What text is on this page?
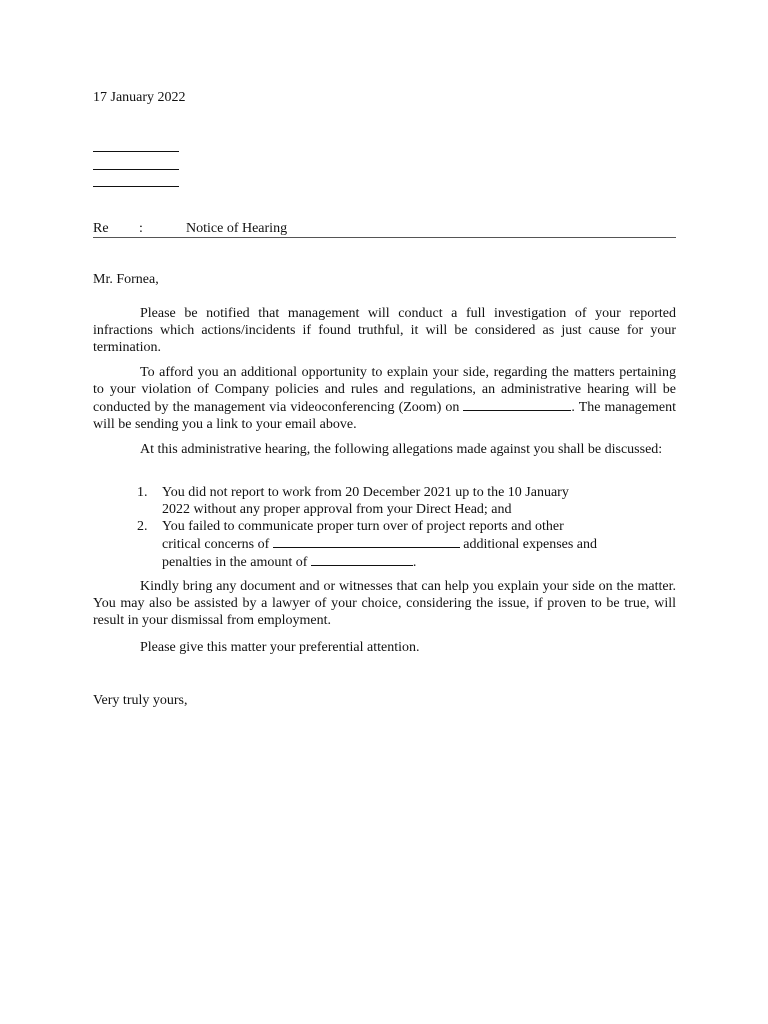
17 January 2022
Re :	Notice of Hearing
Mr. Fornea,
Please be notified that management will conduct a full investigation of your reported infractions which actions/incidents if found truthful, it will be considered as just cause for your termination.
To afford you an additional opportunity to explain your side, regarding the matters pertaining to your violation of Company policies and rules and regulations, an administrative hearing will be conducted by the management via videoconferencing (Zoom) on	. The management will be sending you a link to your email above.
At this administrative hearing, the following allegations made against you shall be discussed:
1. You did not report to work from 20 December 2021 up to the 10 January
2022 without any proper approval from your Direct Head; and
2. You failed to communicate proper turn over of project reports and other
critical concerns of	additional expenses and
penalties in the amount of	.
Kindly bring any document and or witnesses that can help you explain your side on the matter. You may also be assisted by a lawyer of your choice, considering the issue, if proven to be true, will result in your dismissal from employment.
Please give this matter your preferential attention.
Very truly yours,
